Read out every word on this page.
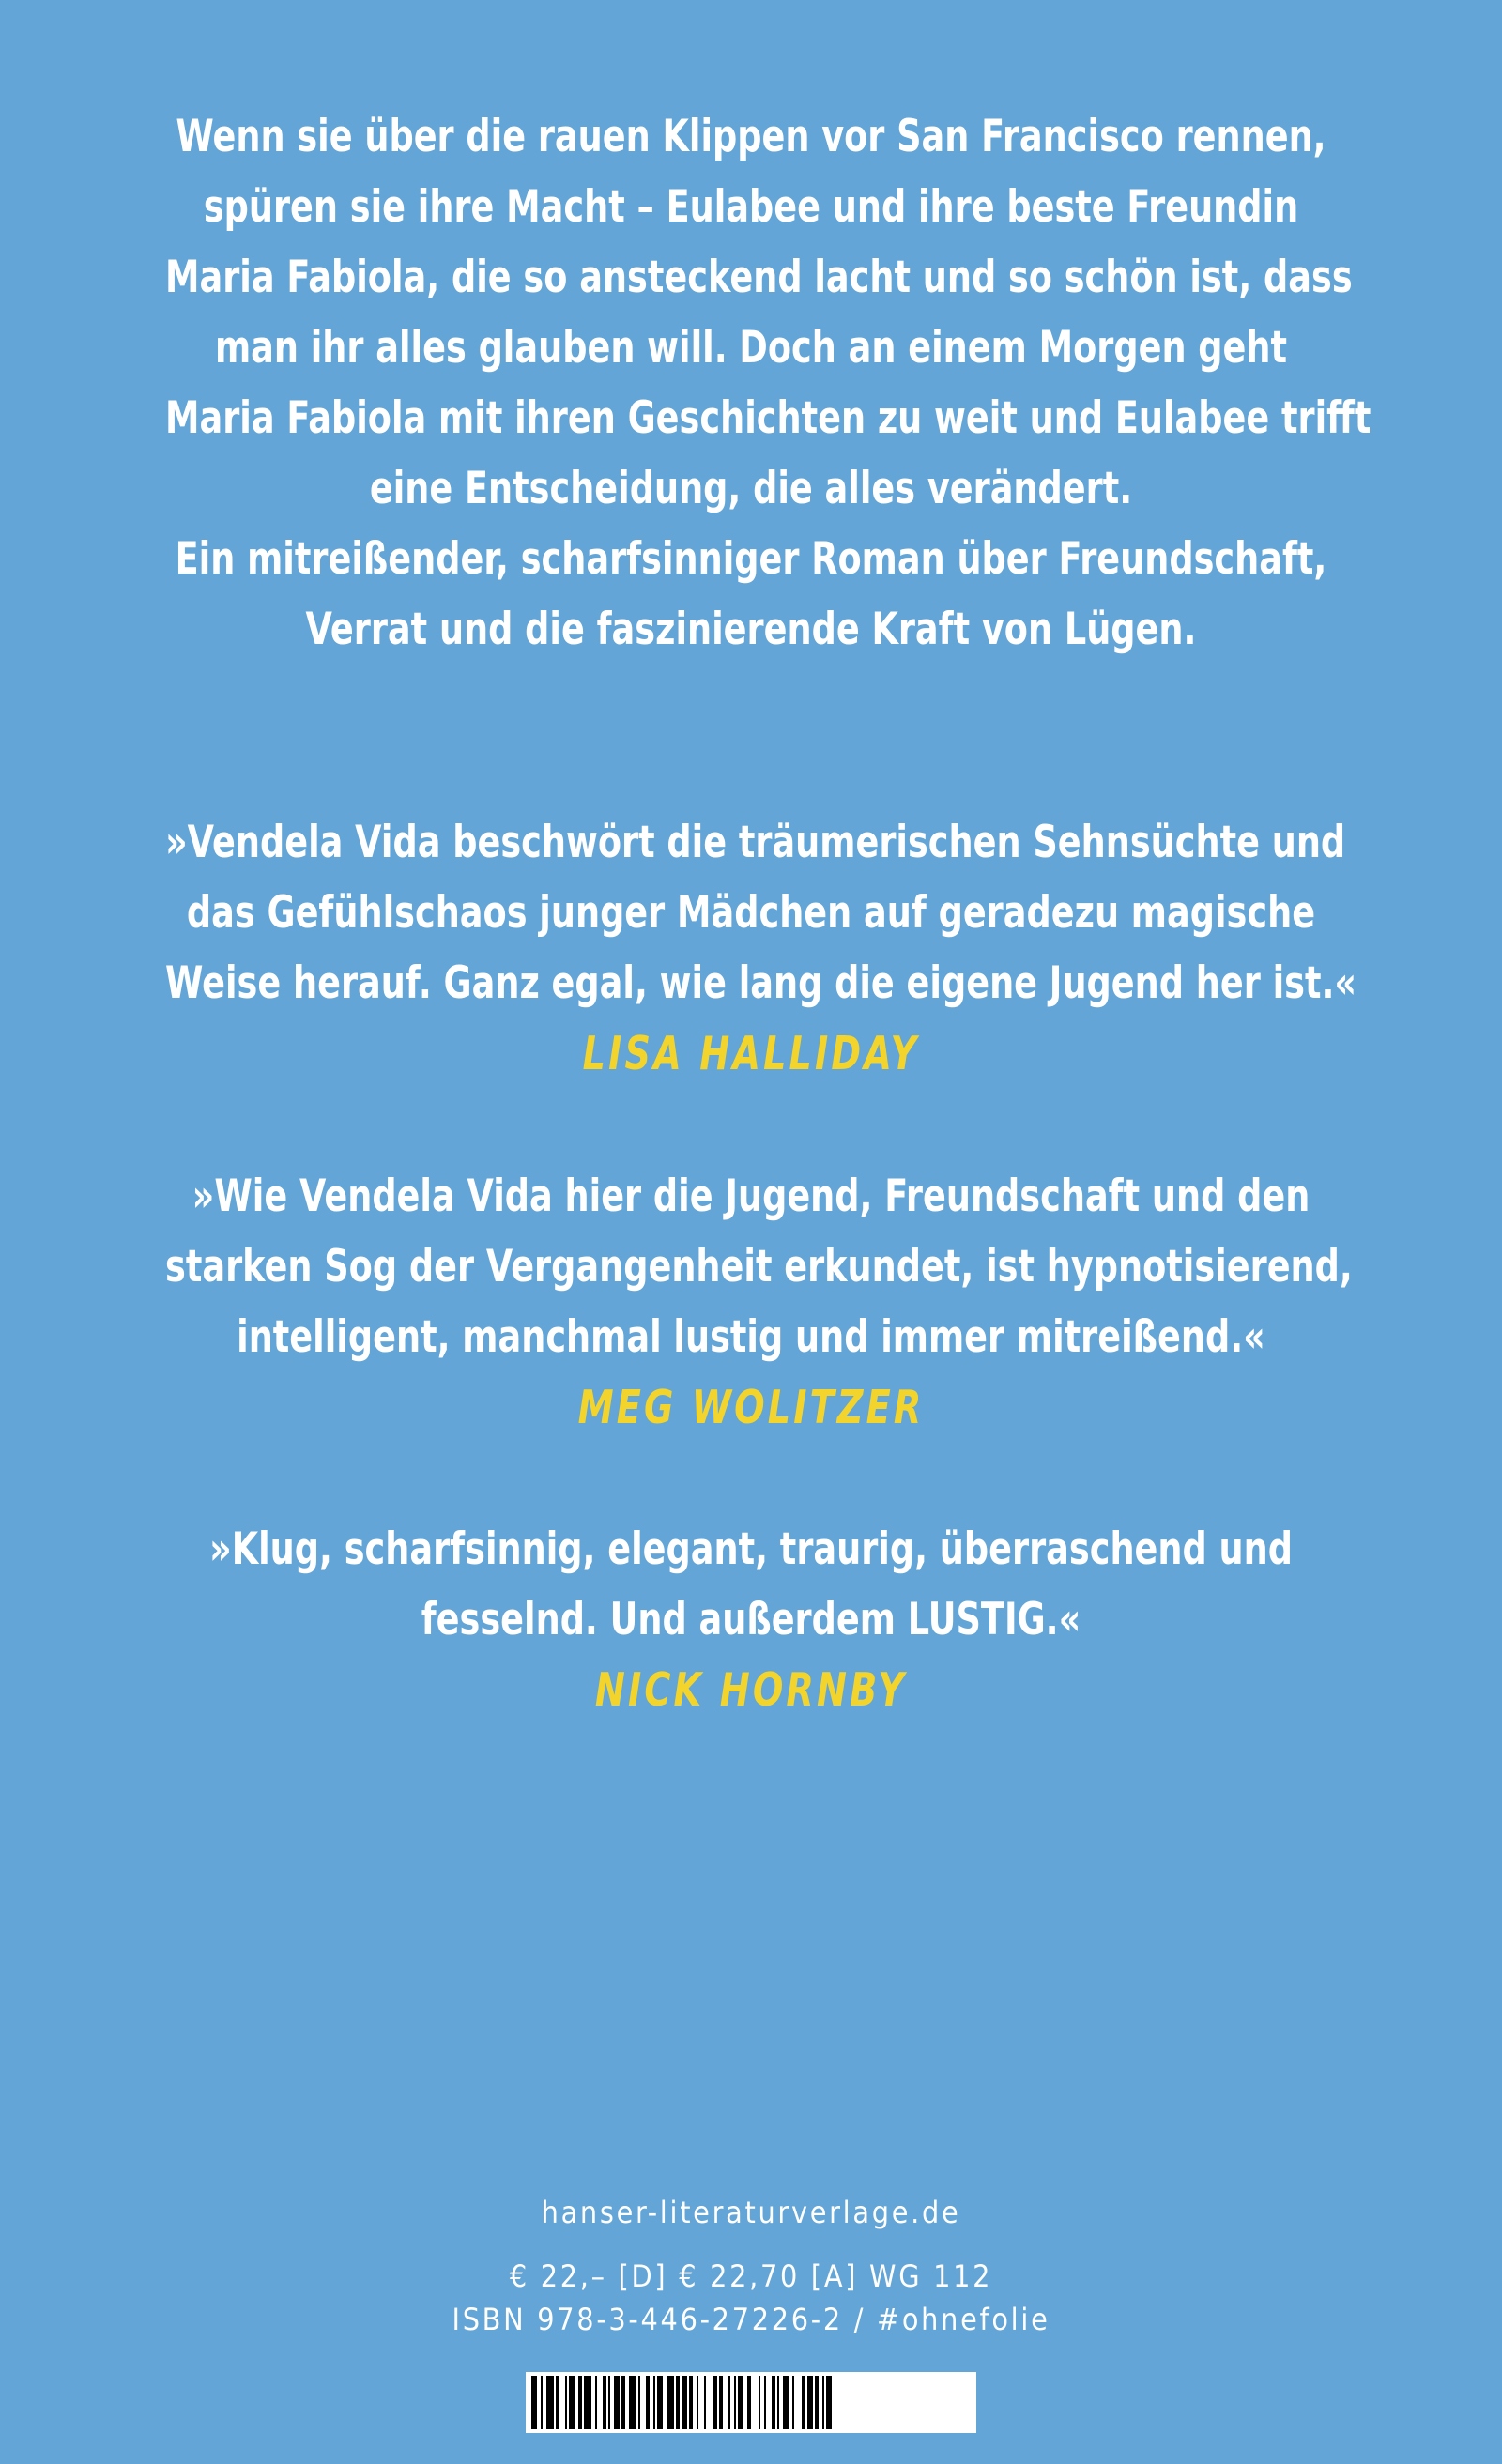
Wenn sie über die rauen Klippen vor San Francisco rennen,
spüren sie ihre Macht – Eulabee und ihre beste Freundin
Maria Fabiola, die so ansteckend lacht und so schön ist, dass
man ihr alles glauben will. Doch an einem Morgen geht
Maria Fabiola mit ihren Geschichten zu weit und Eulabee trifft
eine Entscheidung, die alles verändert.
Ein mitreißender, scharfsinniger Roman über Freundschaft,
Verrat und die faszinierende Kraft von Lügen.
»Vendela Vida beschwört die träumerischen Sehnsüchte und
das Gefühlschaos junger Mädchen auf geradezu magische
Weise herauf. Ganz egal, wie lang die eigene Jugend her ist.«
LISA HALLIDAY
»Wie Vendela Vida hier die Jugend, Freundschaft und den
starken Sog der Vergangenheit erkundet, ist hypnotisierend,
intelligent, manchmal lustig und immer mitreißend.«
MEG WOLITZER
»Klug, scharfsinnig, elegant, traurig, überraschend und
fesselnd. Und außerdem LUSTIG.«
NICK HORNBY
hanser-literaturverlage.de
€ 22,– [D] € 22,70 [A] WG 112
ISBN 978-3-446-27226-2 / #ohnefolie
